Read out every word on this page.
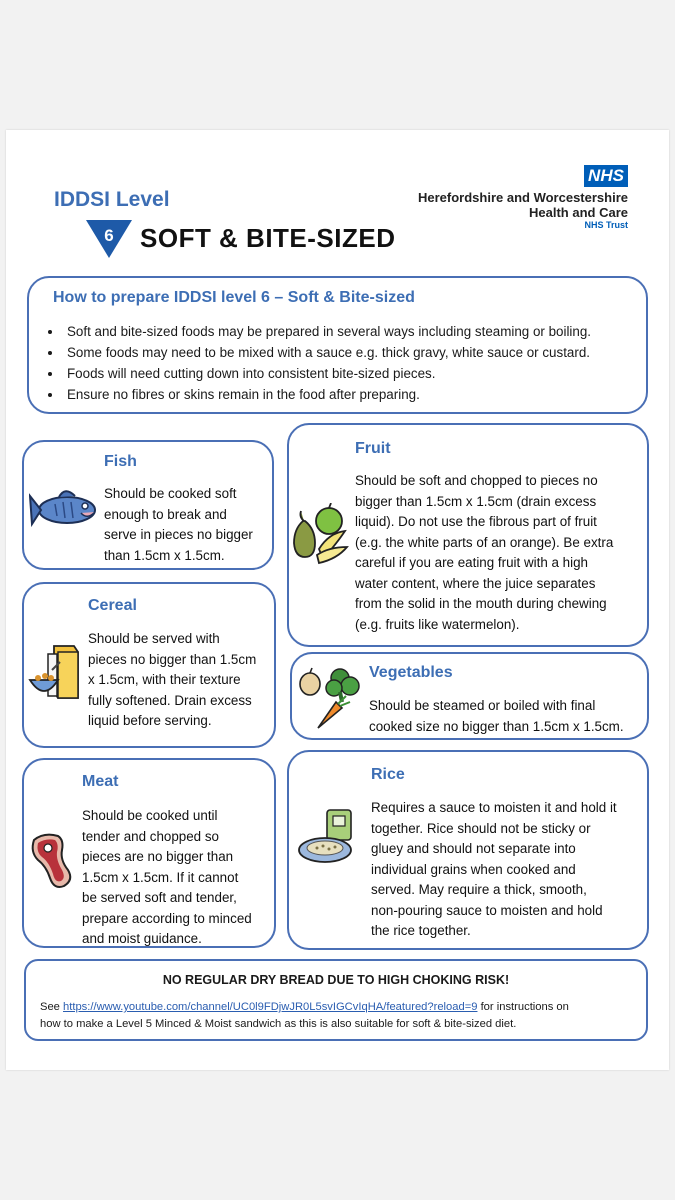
IDDSI Level
6 SOFT & BITE-SIZED
NHS
Herefordshire and Worcestershire
Health and Care
NHS Trust
How to prepare IDDSI level 6 – Soft & Bite-sized
• Soft and bite-sized foods may be prepared in several ways including steaming or boiling.
• Some foods may need to be mixed with a sauce e.g. thick gravy, white sauce or custard.
• Foods will need cutting down into consistent bite-sized pieces.
• Ensure no fibres or skins remain in the food after preparing.
Fish
Should be cooked soft
enough to break and
serve in pieces no bigger
than 1.5cm x 1.5cm.
Fruit
Should be soft and chopped to pieces no
bigger than 1.5cm x 1.5cm (drain excess
liquid). Do not use the fibrous part of fruit
(e.g. the white parts of an orange). Be extra
careful if you are eating fruit with a high
water content, where the juice separates
from the solid in the mouth during chewing
(e.g. fruits like watermelon).
Cereal
Should be served with
pieces no bigger than 1.5cm
x 1.5cm, with their texture
fully softened. Drain excess
liquid before serving.
Vegetables
Should be steamed or boiled with final
cooked size no bigger than 1.5cm x 1.5cm.
Meat
Should be cooked until
tender and chopped so
pieces are no bigger than
1.5cm x 1.5cm. If it cannot
be served soft and tender,
prepare according to minced
and moist guidance.
Rice
Requires a sauce to moisten it and hold it
together. Rice should not be sticky or
gluey and should not separate into
individual grains when cooked and
served. May require a thick, smooth,
non-pouring sauce to moisten and hold
the rice together.
NO REGULAR DRY BREAD DUE TO HIGH CHOKING RISK!
See https://www.youtube.com/channel/UC0l9FDjwJR0L5svIGCvIqHA/featured?reload=9 for instructions on
how to make a Level 5 Minced & Moist sandwich as this is also suitable for soft & bite-sized diet.
